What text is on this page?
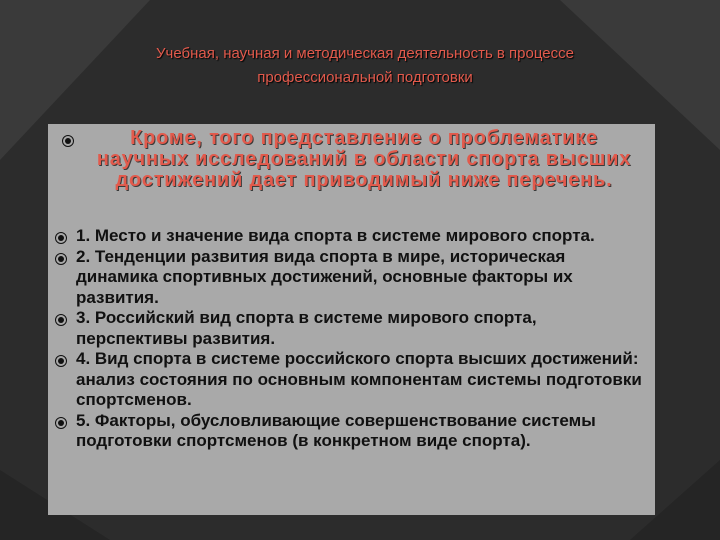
Учебная, научная и методическая деятельность в процессе профессиональной подготовки
Кроме, того представление о проблематике научных исследований в области спорта высших достижений дает приводимый ниже перечень.
1. Место и значение вида спорта в системе мирового спорта.
2. Тенденции развития вида спорта в мире, историческая динамика спортивных достижений, основные факторы их развития.
3. Российский вид спорта в системе мирового спорта, перспективы развития.
4. Вид спорта в системе российского спорта высших достижений: анализ состояния по основным компонентам системы подготовки спортсменов.
5. Факторы, обусловливающие совершенствование системы подготовки спортсменов (в конкретном виде спорта).
